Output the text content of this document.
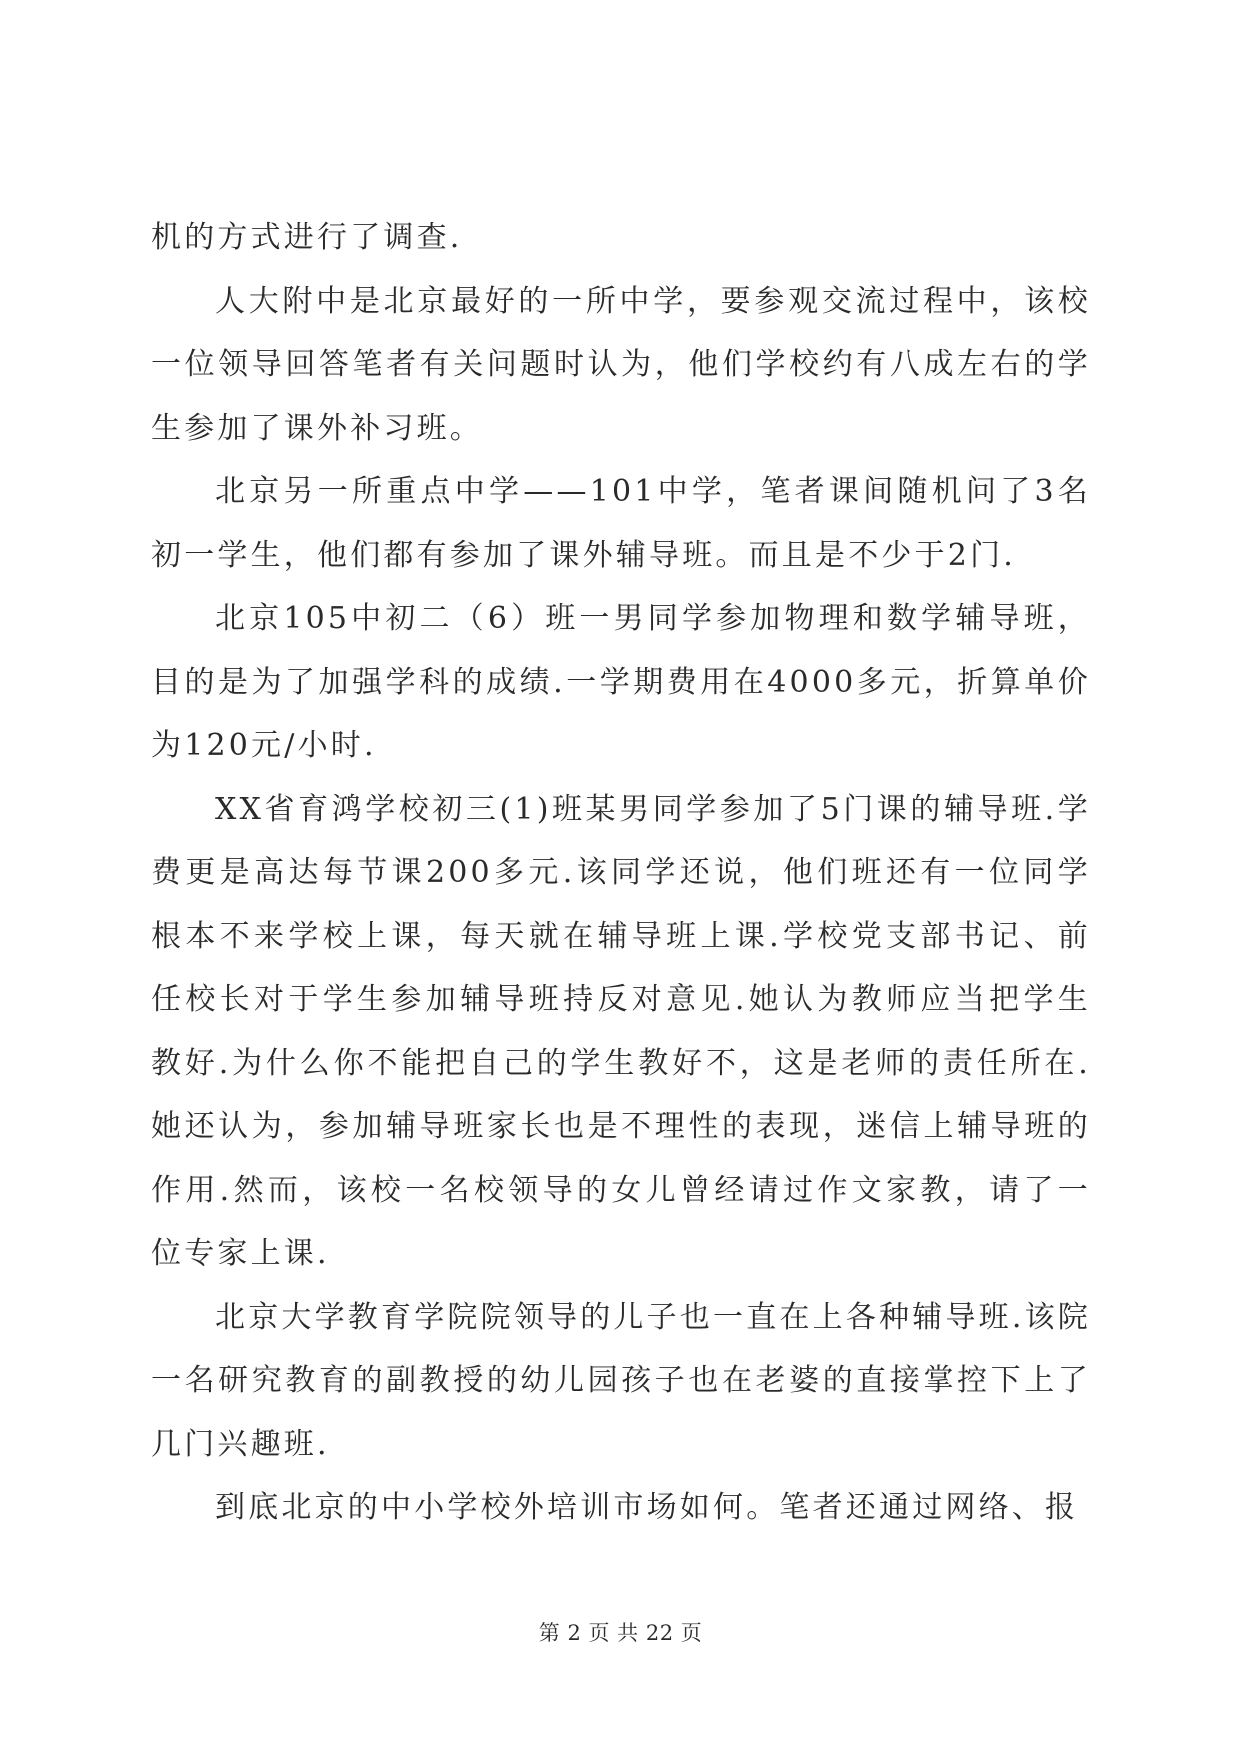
机的方式进行了调查.

人大附中是北京最好的一所中学，要参观交流过程中，该校一位领导回答笔者有关问题时认为，他们学校约有八成左右的学生参加了课外补习班。

北京另一所重点中学——101中学，笔者课间随机问了3名初一学生，他们都有参加了课外辅导班。而且是不少于2门.

北京105中初二（6）班一男同学参加物理和数学辅导班，目的是为了加强学科的成绩.一学期费用在4000多元，折算单价为120元/小时.

XX省育鸿学校初三(1)班某男同学参加了5门课的辅导班.学费更是高达每节课200多元.该同学还说，他们班还有一位同学根本不来学校上课，每天就在辅导班上课.学校党支部书记、前任校长对于学生参加辅导班持反对意见.她认为教师应当把学生教好.为什么你不能把自己的学生教好不，这是老师的责任所在.她还认为，参加辅导班家长也是不理性的表现，迷信上辅导班的作用.然而，该校一名校领导的女儿曾经请过作文家教，请了一位专家上课.

北京大学教育学院院领导的儿子也一直在上各种辅导班.该院一名研究教育的副教授的幼儿园孩子也在老婆的直接掌控下上了几门兴趣班.

到底北京的中小学校外培训市场如何。笔者还通过网络、报

第 2 页 共 22 页
